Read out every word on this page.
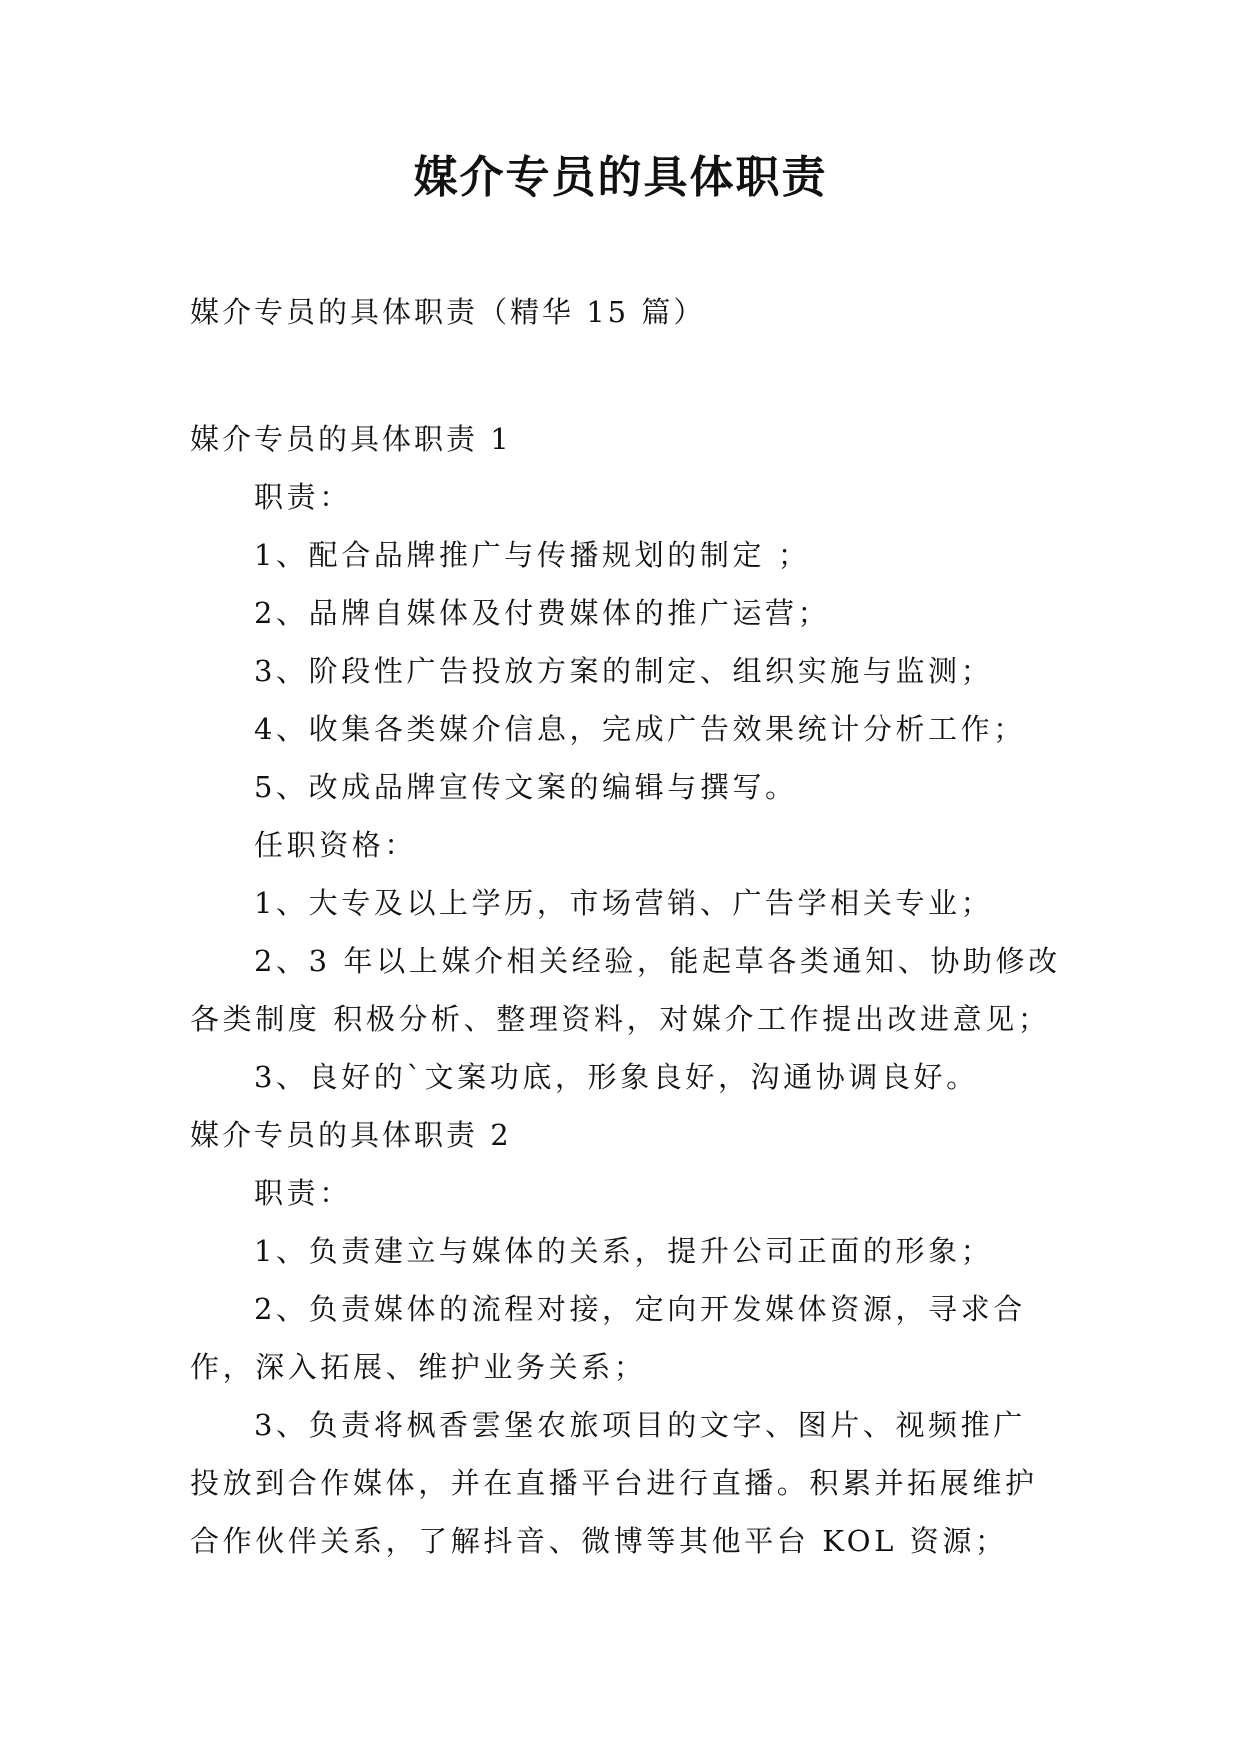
媒介专员的具体职责
媒介专员的具体职责（精华 15 篇）
媒介专员的具体职责 1
职责：
1、配合品牌推广与传播规划的制定 ；
2、品牌自媒体及付费媒体的推广运营；
3、阶段性广告投放方案的制定、组织实施与监测；
4、收集各类媒介信息，完成广告效果统计分析工作；
5、改成品牌宣传文案的编辑与撰写。
任职资格：
1、大专及以上学历，市场营销、广告学相关专业；
2、3 年以上媒介相关经验，能起草各类通知、协助修改
各类制度 积极分析、整理资料，对媒介工作提出改进意见；
3、良好的`文案功底，形象良好，沟通协调良好。
媒介专员的具体职责 2
职责：
1、负责建立与媒体的关系，提升公司正面的形象；
2、负责媒体的流程对接，定向开发媒体资源，寻求合
作，深入拓展、维护业务关系；
3、负责将枫香雲堡农旅项目的文字、图片、视频推广
投放到合作媒体，并在直播平台进行直播。积累并拓展维护
合作伙伴关系，了解抖音、微博等其他平台 KOL 资源；
